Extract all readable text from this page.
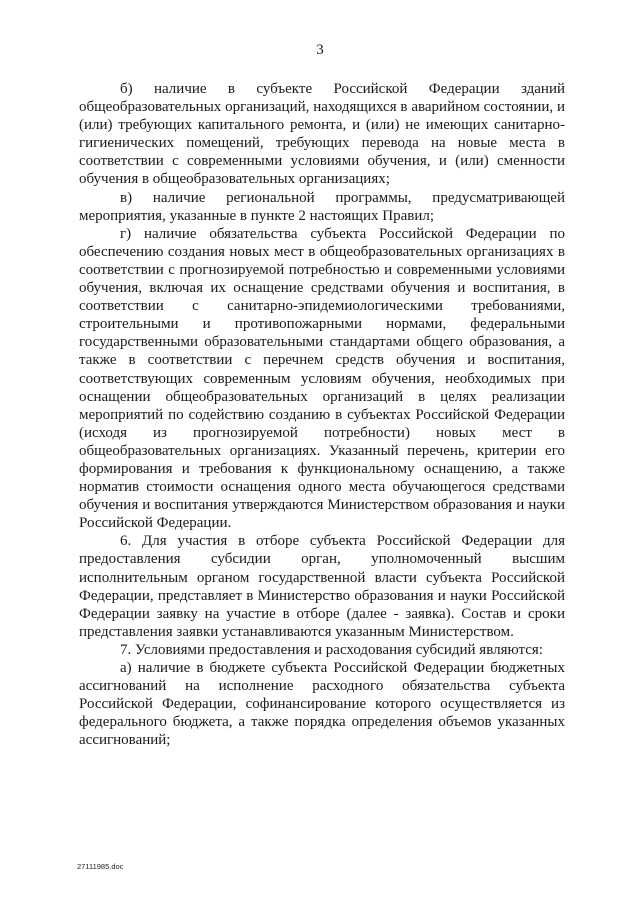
3

б) наличие в субъекте Российской Федерации зданий общеобразовательных организаций, находящихся в аварийном состоянии, и (или) требующих капитального ремонта, и (или) не имеющих санитарно-гигиенических помещений, требующих перевода на новые места в соответствии с современными условиями обучения, и (или) сменности обучения в общеобразовательных организациях;

в) наличие региональной программы, предусматривающей мероприятия, указанные в пункте 2 настоящих Правил;

г) наличие обязательства субъекта Российской Федерации по обеспечению создания новых мест в общеобразовательных организациях в соответствии с прогнозируемой потребностью и современными условиями обучения, включая их оснащение средствами обучения и воспитания, в соответствии с санитарно-эпидемиологическими требованиями, строительными и противопожарными нормами, федеральными государственными образовательными стандартами общего образования, а также в соответствии с перечнем средств обучения и воспитания, соответствующих современным условиям обучения, необходимых при оснащении общеобразовательных организаций в целях реализации мероприятий по содействию созданию в субъектах Российской Федерации (исходя из прогнозируемой потребности) новых мест в общеобразовательных организациях. Указанный перечень, критерии его формирования и требования к функциональному оснащению, а также норматив стоимости оснащения одного места обучающегося средствами обучения и воспитания утверждаются Министерством образования и науки Российской Федерации.

6. Для участия в отборе субъекта Российской Федерации для предоставления субсидии орган, уполномоченный высшим исполнительным органом государственной власти субъекта Российской Федерации, представляет в Министерство образования и науки Российской Федерации заявку на участие в отборе (далее - заявка). Состав и сроки представления заявки устанавливаются указанным Министерством.

7. Условиями предоставления и расходования субсидий являются:

а) наличие в бюджете субъекта Российской Федерации бюджетных ассигнований на исполнение расходного обязательства субъекта Российской Федерации, софинансирование которого осуществляется из федерального бюджета, а также порядка определения объемов указанных ассигнований;

27111985.doc
